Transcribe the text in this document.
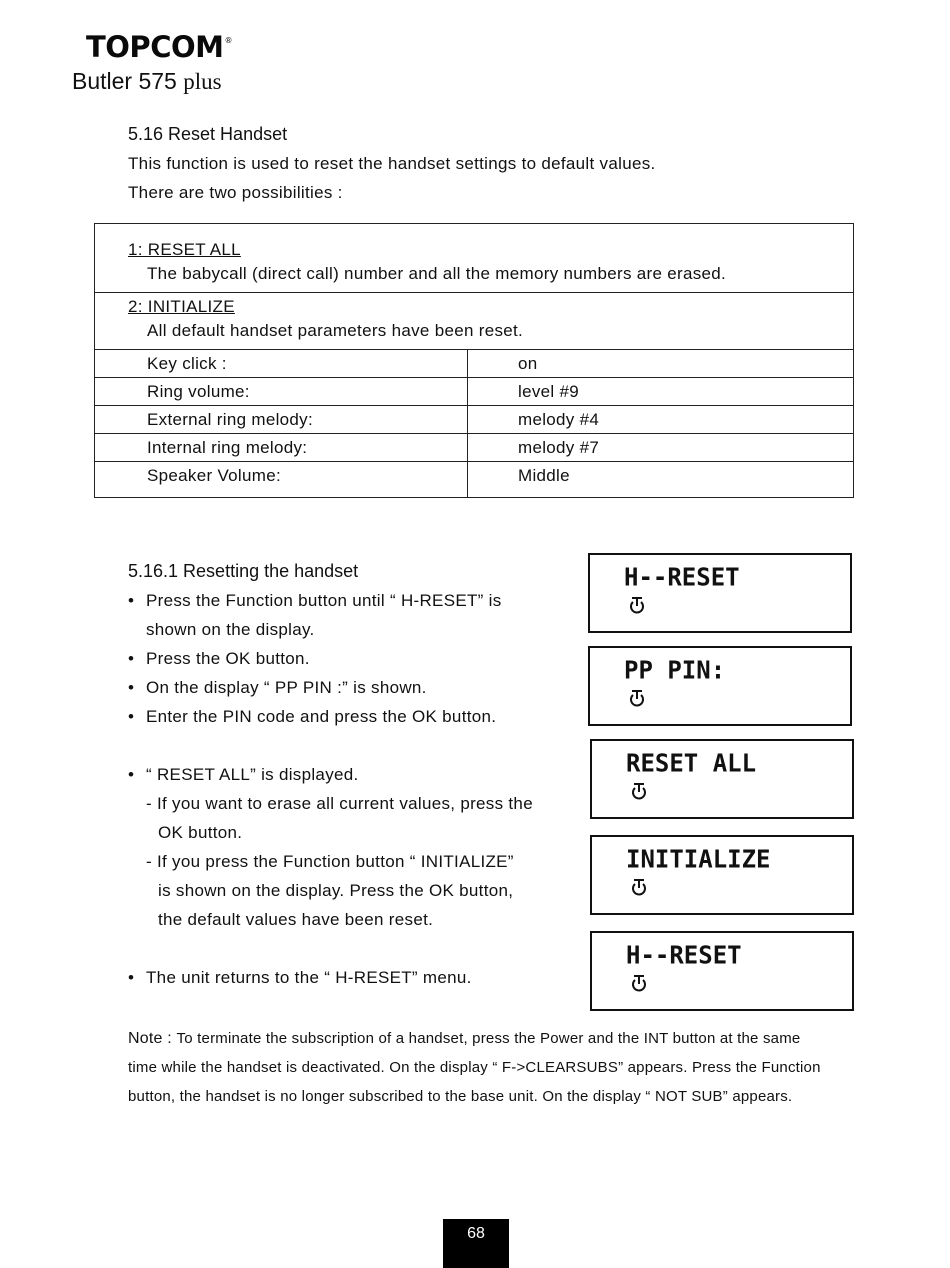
TOPCOM®
Butler 575 plus
5.16 Reset Handset
This function is used to reset the handset settings to default values.
There are two possibilities :
1: RESET ALL
The babycall (direct call) number and all the memory numbers are erased.	

2: INITIALIZE
All default handset parameters have been reset.	

Key click :	on
Ring volume:	level #9
External ring melody:	melody #4
Internal ring melody:	melody #7
Speaker Volume:	Middle
5.16.1 Resetting the handset
• Press the Function button until “ H-RESET” is
shown on the display.
• Press the OK button.
• On the display “ PP PIN :” is shown.
• Enter the PIN code and press the OK button.
• “ RESET ALL” is displayed.
- If you want to erase all current values, press the
OK button.
- If you press the Function button “ INITIALIZE”
is shown on the display. Press the OK button,
the default values have been reset.
• The unit returns to the “ H-RESET” menu.
H--RESET
PP PIN:
RESET ALL
INITIALIZE
H--RESET
Note : To terminate the subscription of a handset, press the Power and the INT button at the same
time while the handset is deactivated. On the display “ F->CLEARSUBS” appears. Press the Function
button, the handset is no longer subscribed to the base unit. On the display “ NOT SUB” appears.
68
